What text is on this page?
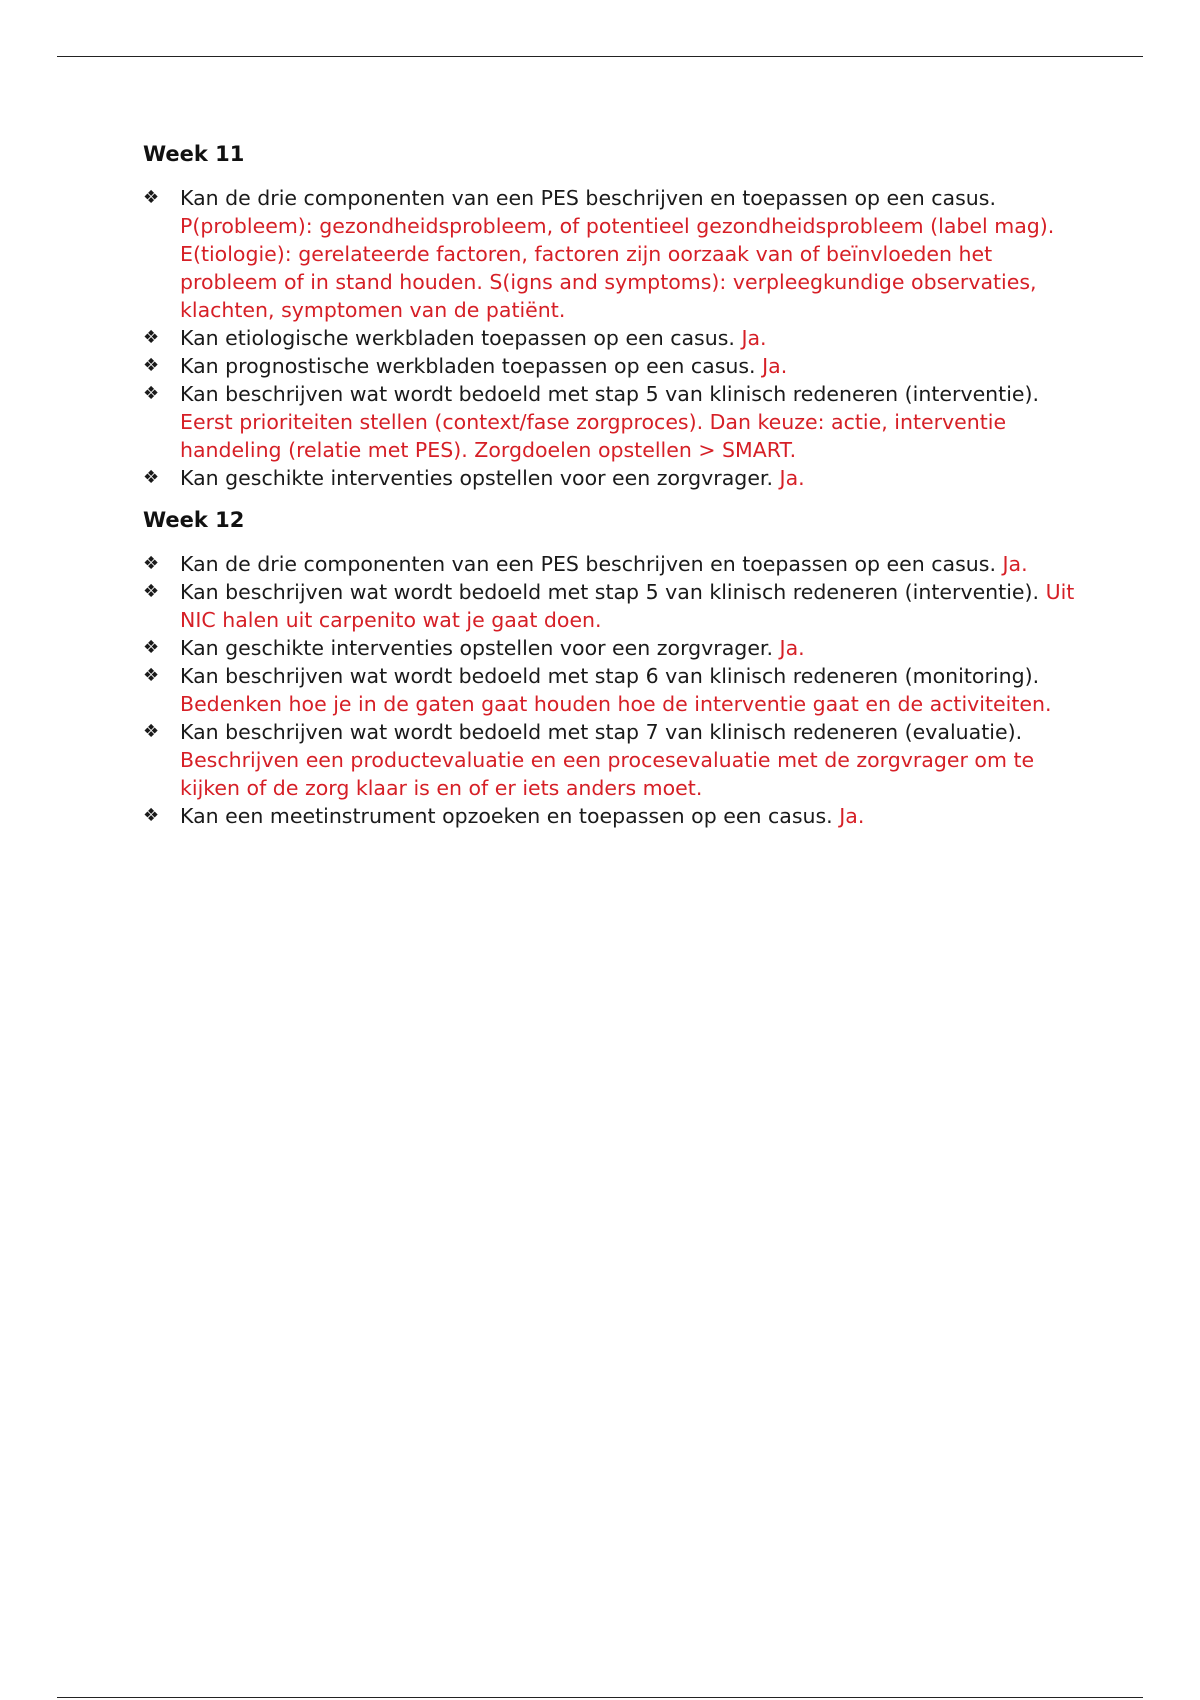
Week 11
❖ Kan de drie componenten van een PES beschrijven en toepassen op een casus. P(probleem): gezondheidsprobleem, of potentieel gezondheidsprobleem (label mag). E(tiologie): gerelateerde factoren, factoren zijn oorzaak van of beïnvloeden het probleem of in stand houden. S(igns and symptoms): verpleegkundige observaties, klachten, symptomen van de patiënt.
❖ Kan etiologische werkbladen toepassen op een casus. Ja.
❖ Kan prognostische werkbladen toepassen op een casus. Ja.
❖ Kan beschrijven wat wordt bedoeld met stap 5 van klinisch redeneren (interventie). Eerst prioriteiten stellen (context/fase zorgproces). Dan keuze: actie, interventie handeling (relatie met PES). Zorgdoelen opstellen > SMART.
❖ Kan geschikte interventies opstellen voor een zorgvrager. Ja.
Week 12
❖ Kan de drie componenten van een PES beschrijven en toepassen op een casus. Ja.
❖ Kan beschrijven wat wordt bedoeld met stap 5 van klinisch redeneren (interventie). Uit NIC halen uit carpenito wat je gaat doen.
❖ Kan geschikte interventies opstellen voor een zorgvrager. Ja.
❖ Kan beschrijven wat wordt bedoeld met stap 6 van klinisch redeneren (monitoring). Bedenken hoe je in de gaten gaat houden hoe de interventie gaat en de activiteiten.
❖ Kan beschrijven wat wordt bedoeld met stap 7 van klinisch redeneren (evaluatie). Beschrijven een productevaluatie en een procesevaluatie met de zorgvrager om te kijken of de zorg klaar is en of er iets anders moet.
❖ Kan een meetinstrument opzoeken en toepassen op een casus. Ja.
